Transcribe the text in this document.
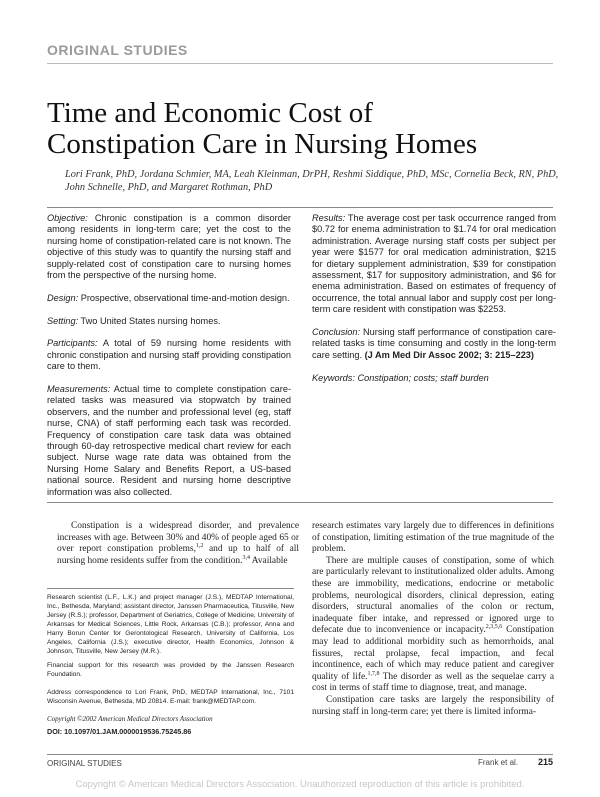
ORIGINAL STUDIES
Time and Economic Cost of
Constipation Care in Nursing Homes
Lori Frank, PhD, Jordana Schmier, MA, Leah Kleinman, DrPH, Reshmi Siddique, PhD, MSc, Cornelia Beck, RN, PhD,
John Schnelle, PhD, and Margaret Rothman, PhD

Objective: Chronic constipation is a common disorder among residents in long-term care; yet the cost to the nursing home of constipation-related care is not known. The objective of this study was to quantify the nursing staff and supply-related cost of constipation care to nursing homes from the perspective of the nursing home.

Design: Prospective, observational time-and-motion design.

Setting: Two United States nursing homes.

Participants: A total of 59 nursing home residents with chronic constipation and nursing staff providing constipation care to them.

Measurements: Actual time to complete constipation care-related tasks was measured via stopwatch by trained observers, and the number and professional level (eg, staff nurse, CNA) of staff performing each task was recorded. Frequency of constipation care task data was obtained through 60-day retrospective medical chart review for each subject. Nurse wage rate data was obtained from the Nursing Home Salary and Benefits Report, a US-based national source. Resident and nursing home descriptive information was also collected.

Results: The average cost per task occurrence ranged from $0.72 for enema administration to $1.74 for oral medication administration. Average nursing staff costs per subject per year were $1577 for oral medication administration, $215 for dietary supplement administration, $39 for constipation assessment, $17 for suppository administration, and $6 for enema administration. Based on estimates of frequency of occurrence, the total annual labor and supply cost per long-term care resident with constipation was $2253.

Conclusion: Nursing staff performance of constipation care-related tasks is time consuming and costly in the long-term care setting. (J Am Med Dir Assoc 2002; 3: 215–223)

Keywords: Constipation; costs; staff burden

Constipation is a widespread disorder, and prevalence increases with age. Between 30% and 40% of people aged 65 or over report constipation problems,$^{1,2}$ and up to half of all nursing home residents suffer from the condition.$^{3,4}$ Available

Research scientist (L.F., L.K.) and project manager (J.S.), MEDTAP International, Inc., Bethesda, Maryland; assistant director, Janssen Pharmaceutica, Titusville, New Jersey (R.S.); professor, Department of Geriatrics, College of Medicine, University of Arkansas for Medical Sciences, Little Rock, Arkansas (C.B.); professor, Anna and Harry Borun Center for Gerontological Research, University of California, Los Angeles, California (J.S.); executive director, Health Economics, Johnson & Johnson, Titusville, New Jersey (M.R.).

Financial support for this research was provided by the Janssen Research Foundation.

Address correspondence to Lori Frank, PhD, MEDTAP International, Inc., 7101 Wisconsin Avenue, Bethesda, MD 20814. E-mail: frank@MEDTAP.com.

Copyright ©2002 American Medical Directors Association
DOI: 10.1097/01.JAM.0000019536.75245.86

research estimates vary largely due to differences in definitions of constipation, limiting estimation of the true magnitude of the problem.

There are multiple causes of constipation, some of which are particularly relevant to institutionalized older adults. Among these are immobility, medications, endocrine or metabolic problems, neurological disorders, clinical depression, eating disorders, structural anomalies of the colon or rectum, inadequate fiber intake, and repressed or ignored urge to defecate due to inconvenience or incapacity.$^{2,3,5,6}$ Constipation may lead to additional morbidity such as hemorrhoids, anal fissures, rectal prolapse, fecal impaction, and fecal incontinence, each of which may reduce patient and caregiver quality of life.$^{1,7,8}$ The disorder as well as the sequelae carry a cost in terms of staff time to diagnose, treat, and manage.

Constipation care tasks are largely the responsibility of nursing staff in long-term care; yet there is limited informa-

ORIGINAL STUDIES	Frank et al. 215
Copyright © American Medical Directors Association. Unauthorized reproduction of this article is prohibited.
